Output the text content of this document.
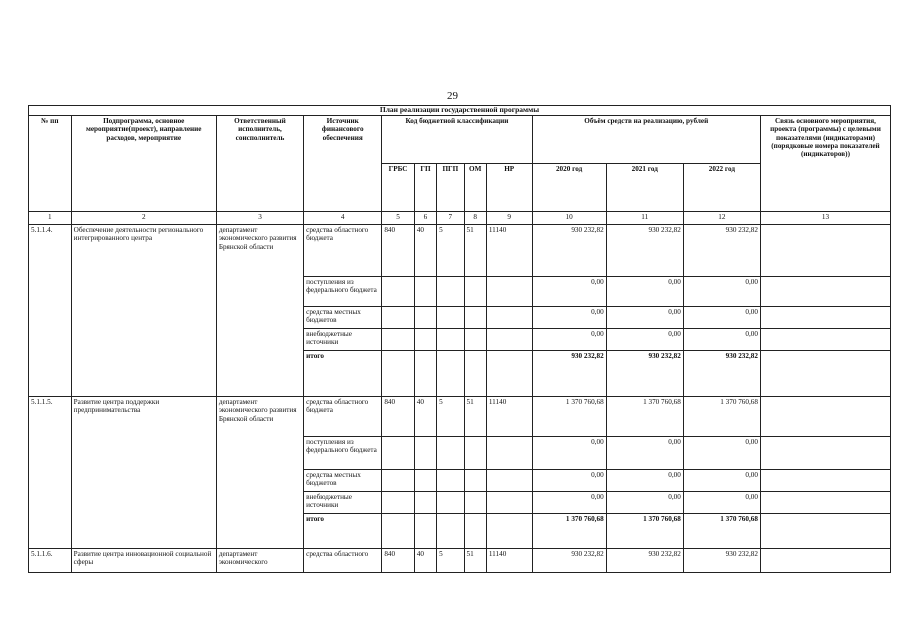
29
План реализации государственной программы												
№ пп	Подпрограмма, основное мероприятие(проект), направление расходов, мероприятие	Ответственный исполнитель, соисполнитель	Источник финансового обеспечения	Код бюджетной классификации					Объём средств на реализацию, рублей			Связь основного мероприятия, проекта (программы) с целевыми показателями (индикаторами) (порядковые номера показателей (индикаторов))
				ГРБС	ГП	ПГП	ОМ	НР	2020 год	2021 год	2022 год	
1	2	3	4	5	6	7	8	9	10	11	12	13
5.1.1.4.	Обеспечение деятельности регионального интегрированного центра	департамент экономического развития Брянской области	средства областного бюджета	840	40	5	51	11140	930 232,82	930 232,82	930 232,82	
			поступления из федерального бюджета						0,00	0,00	0,00	
			средства местных бюджетов						0,00	0,00	0,00	
			внебюджетные источники						0,00	0,00	0,00	
			итого						930 232,82	930 232,82	930 232,82	
5.1.1.5.	Развитие центра поддержки предпринимательства	департамент экономического развития Брянской области	средства областного бюджета	840	40	5	51	11140	1 370 760,68	1 370 760,68	1 370 760,68	
			поступления из федерального бюджета						0,00	0,00	0,00	
			средства местных бюджетов						0,00	0,00	0,00	
			внебюджетные источники						0,00	0,00	0,00	
			итого						1 370 760,68	1 370 760,68	1 370 760,68	
5.1.1.6.	Развитие центра инновационной социальной сферы	департамент экономического	средства областного	840	40	5	51	11140	930 232,82	930 232,82	930 232,82	
